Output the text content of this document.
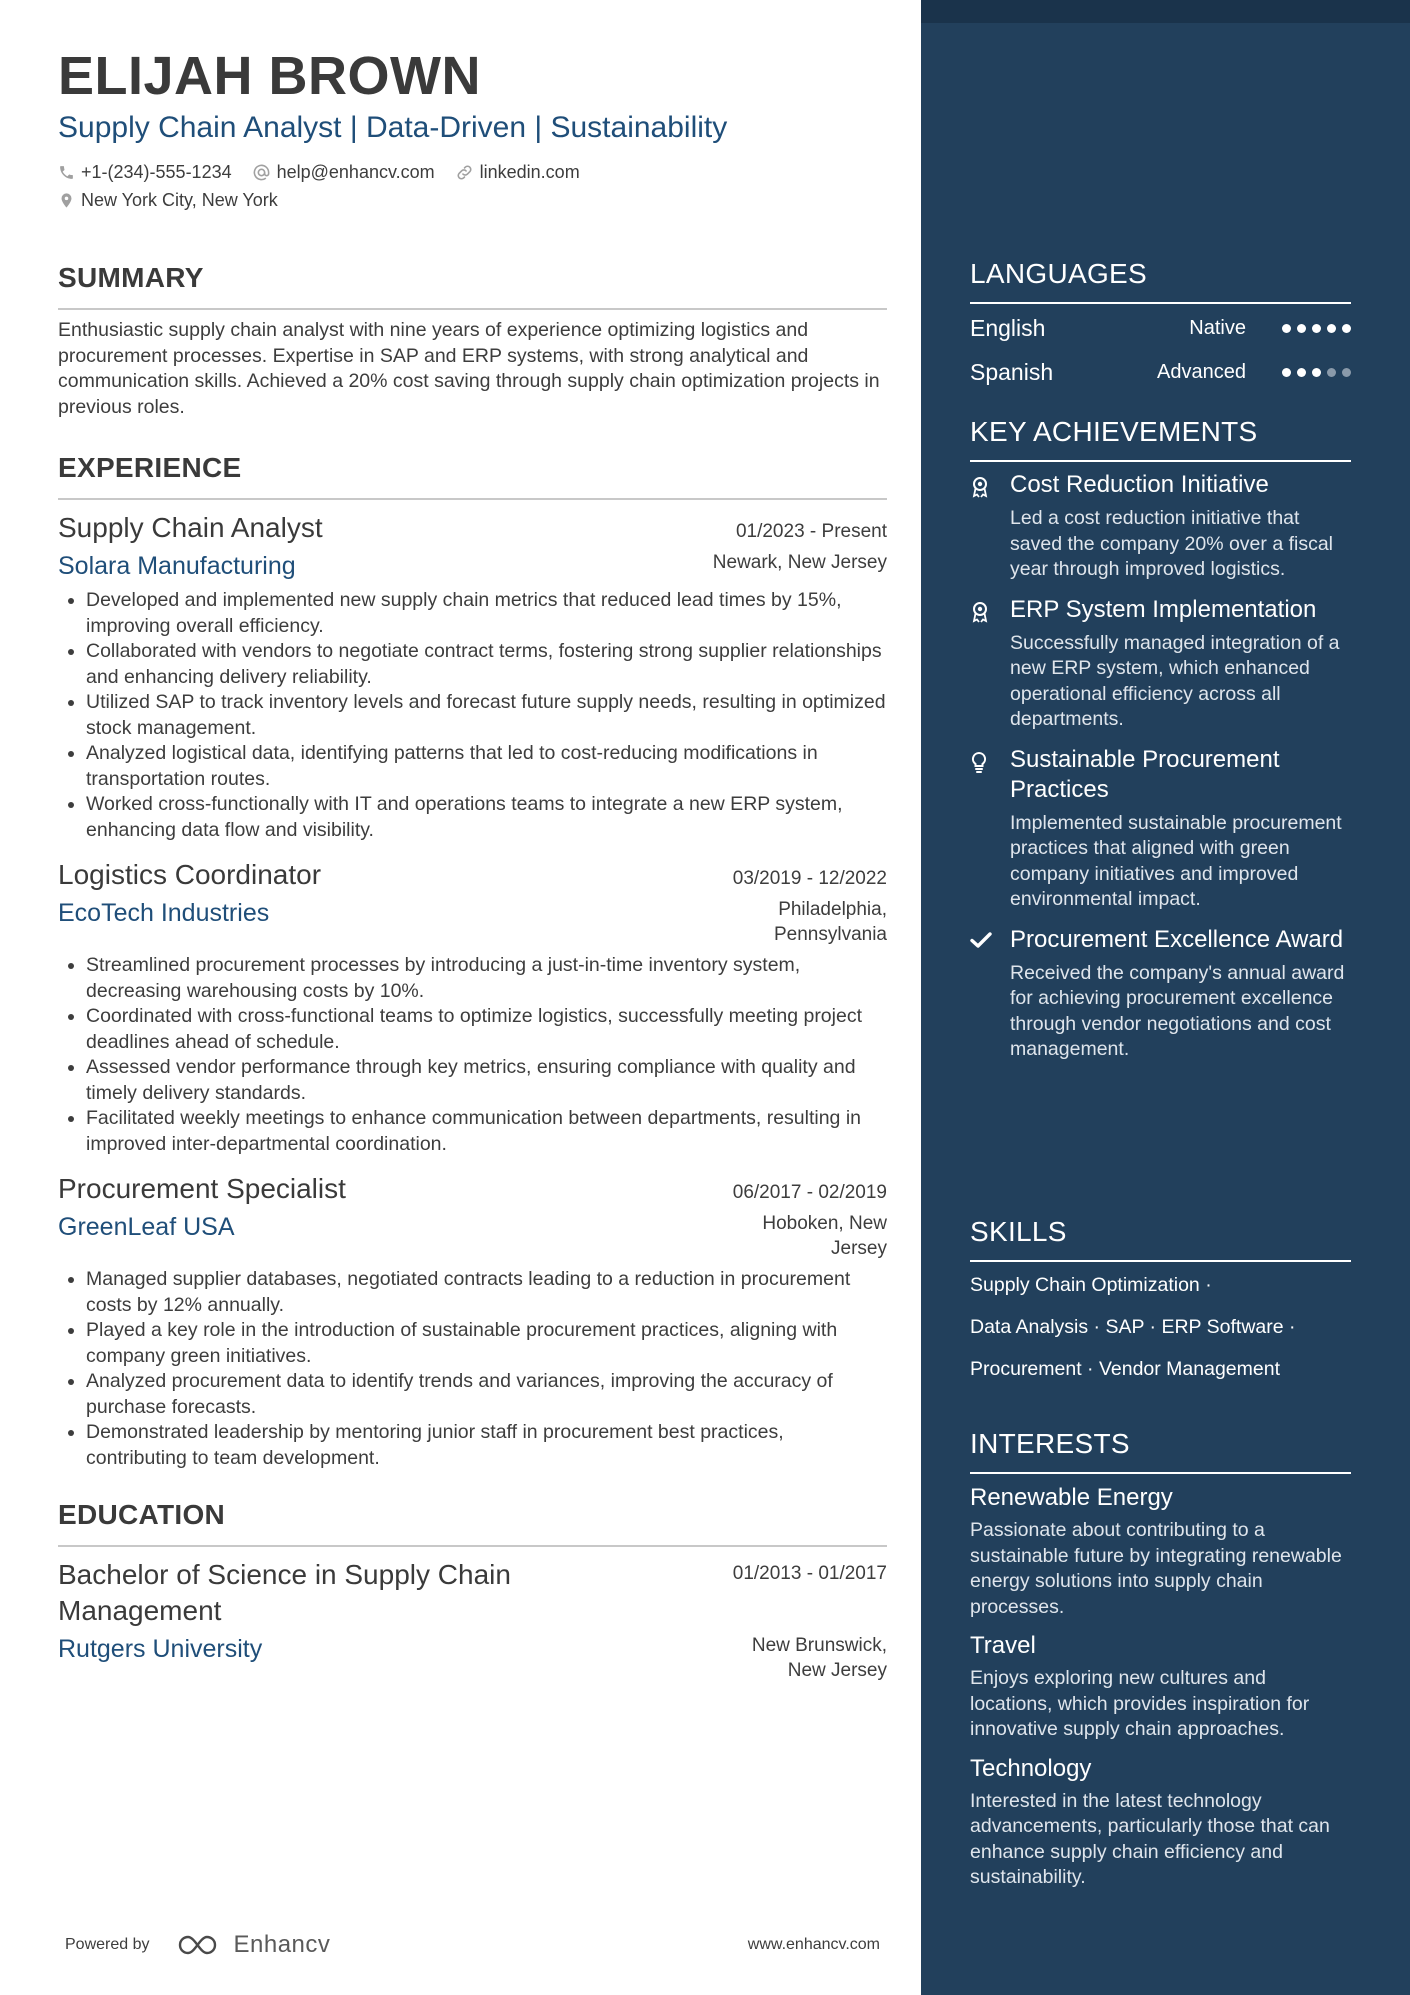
ELIJAH BROWN
Supply Chain Analyst | Data-Driven | Sustainability
+1-(234)-555-1234	help@enhancv.com	linkedin.com
New York City, New York
SUMMARY
Enthusiastic supply chain analyst with nine years of experience optimizing logistics and procurement processes. Expertise in SAP and ERP systems, with strong analytical and communication skills. Achieved a 20% cost saving through supply chain optimization projects in previous roles.
EXPERIENCE
Supply Chain Analyst	01/2023 - Present
Solara Manufacturing	Newark, New Jersey
• Developed and implemented new supply chain metrics that reduced lead times by 15%, improving overall efficiency.
• Collaborated with vendors to negotiate contract terms, fostering strong supplier relationships and enhancing delivery reliability.
• Utilized SAP to track inventory levels and forecast future supply needs, resulting in optimized stock management.
• Analyzed logistical data, identifying patterns that led to cost-reducing modifications in transportation routes.
• Worked cross-functionally with IT and operations teams to integrate a new ERP system, enhancing data flow and visibility.
Logistics Coordinator	03/2019 - 12/2022
EcoTech Industries	Philadelphia, Pennsylvania
• Streamlined procurement processes by introducing a just-in-time inventory system, decreasing warehousing costs by 10%.
• Coordinated with cross-functional teams to optimize logistics, successfully meeting project deadlines ahead of schedule.
• Assessed vendor performance through key metrics, ensuring compliance with quality and timely delivery standards.
• Facilitated weekly meetings to enhance communication between departments, resulting in improved inter-departmental coordination.
Procurement Specialist	06/2017 - 02/2019
GreenLeaf USA	Hoboken, New Jersey
• Managed supplier databases, negotiated contracts leading to a reduction in procurement costs by 12% annually.
• Played a key role in the introduction of sustainable procurement practices, aligning with company green initiatives.
• Analyzed procurement data to identify trends and variances, improving the accuracy of purchase forecasts.
• Demonstrated leadership by mentoring junior staff in procurement best practices, contributing to team development.
EDUCATION
Bachelor of Science in Supply Chain Management
01/2013 - 01/2017
Rutgers University	New Brunswick, New Jersey
Powered by	Enhancv	www.enhancv.com
LANGUAGES
English	Native
Spanish	Advanced
KEY ACHIEVEMENTS
Cost Reduction Initiative
Led a cost reduction initiative that saved the company 20% over a fiscal year through improved logistics.
ERP System Implementation
Successfully managed integration of a new ERP system, which enhanced operational efficiency across all departments.
Sustainable Procurement Practices
Implemented sustainable procurement practices that aligned with green company initiatives and improved environmental impact.
Procurement Excellence Award
Received the company's annual award for achieving procurement excellence through vendor negotiations and cost management.
SKILLS
Supply Chain Optimization ·
Data Analysis · SAP · ERP Software ·
Procurement · Vendor Management
INTERESTS
Renewable Energy
Passionate about contributing to a sustainable future by integrating renewable energy solutions into supply chain processes.
Travel
Enjoys exploring new cultures and locations, which provides inspiration for innovative supply chain approaches.
Technology
Interested in the latest technology advancements, particularly those that can enhance supply chain efficiency and sustainability.
